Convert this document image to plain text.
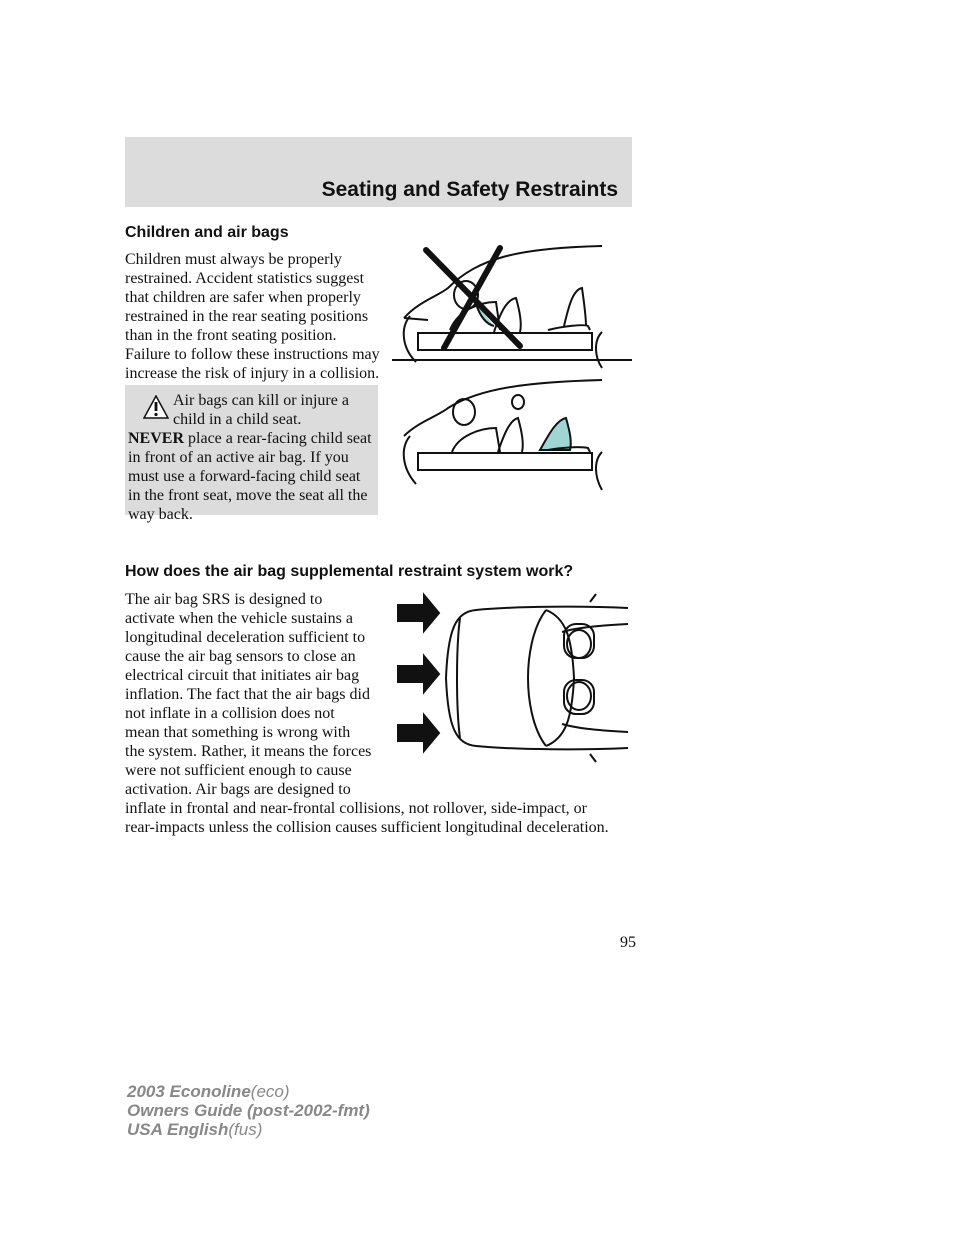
Seating and Safety Restraints
Children and air bags

Children must always be properly restrained. Accident statistics suggest that children are safer when properly restrained in the rear seating positions than in the front seating position. Failure to follow these instructions may increase the risk of injury in a collision.

Air bags can kill or injure a child in a child seat.

NEVER place a rear-facing child seat in front of an active air bag. If you must use a forward-facing child seat in the front seat, move the seat all the way back.

How does the air bag supplemental restraint system work?

The air bag SRS is designed to activate when the vehicle sustains a longitudinal deceleration sufficient to cause the air bag sensors to close an electrical circuit that initiates air bag inflation. The fact that the air bags did not inflate in a collision does not mean that something is wrong with the system. Rather, it means the forces were not sufficient enough to cause activation. Air bags are designed to inflate in frontal and near-frontal collisions, not rollover, side-impact, or rear-impacts unless the collision causes sufficient longitudinal deceleration.

95
2003 Econoline(eco)
Owners Guide (post-2002-fmt)
USA English(fus)
